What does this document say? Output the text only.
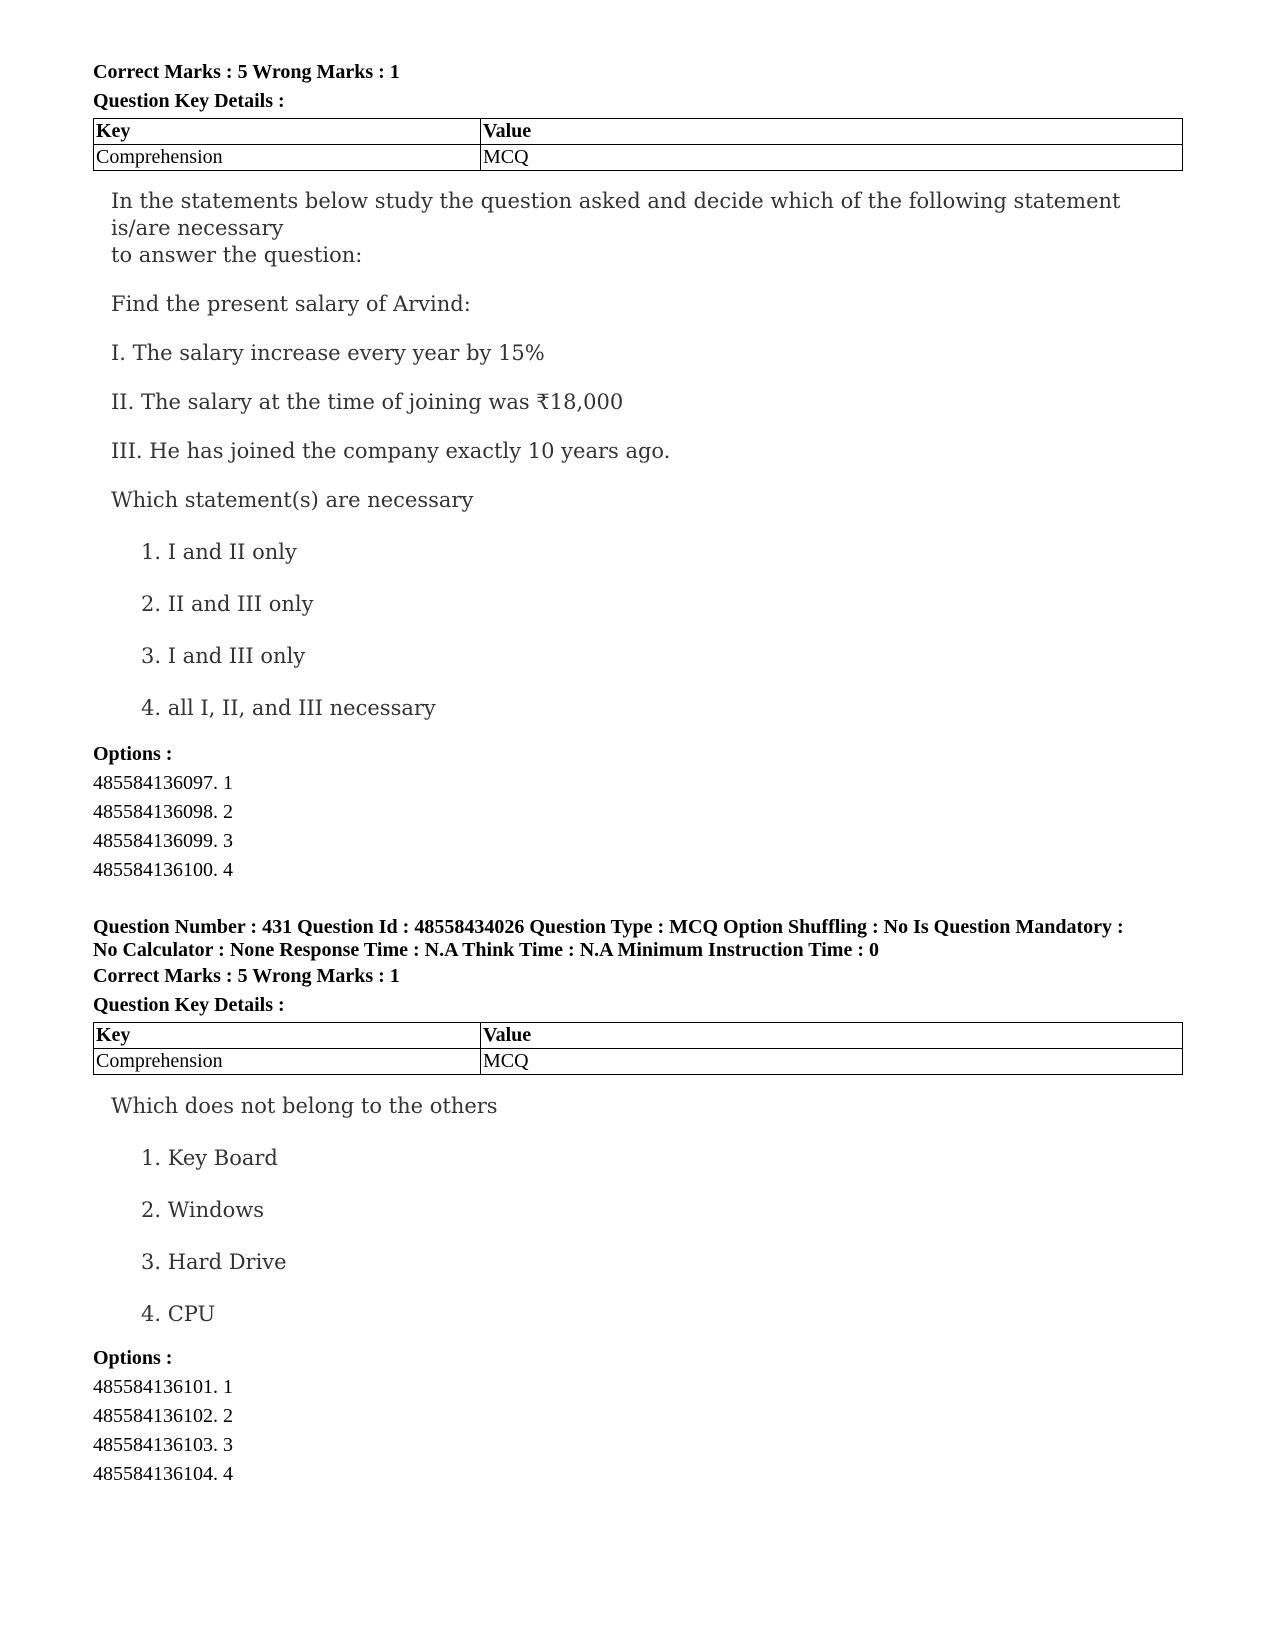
Correct Marks : 5 Wrong Marks : 1
Question Key Details :
Key	Value
Comprehension	MCQ

In the statements below study the question asked and decide which of the following statement is/are necessary

to answer the question:

Find the present salary of Arvind:

I. The salary increase every year by 15%

II. The salary at the time of joining was ₹18,000

III. He has joined the company exactly 10 years ago.

Which statement(s) are necessary

1. I and II only

2. II and III only

3. I and III only

4. all I, II, and III necessary

Options :
485584136097. 1
485584136098. 2
485584136099. 3
485584136100. 4
Question Number : 431 Question Id : 48558434026 Question Type : MCQ Option Shuffling : No Is Question Mandatory :
No Calculator : None Response Time : N.A Think Time : N.A Minimum Instruction Time : 0
Correct Marks : 5 Wrong Marks : 1
Question Key Details :
Key	Value
Comprehension	MCQ

Which does not belong to the others

1. Key Board

2. Windows

3. Hard Drive

4. CPU

Options :
485584136101. 1
485584136102. 2
485584136103. 3
485584136104. 4
